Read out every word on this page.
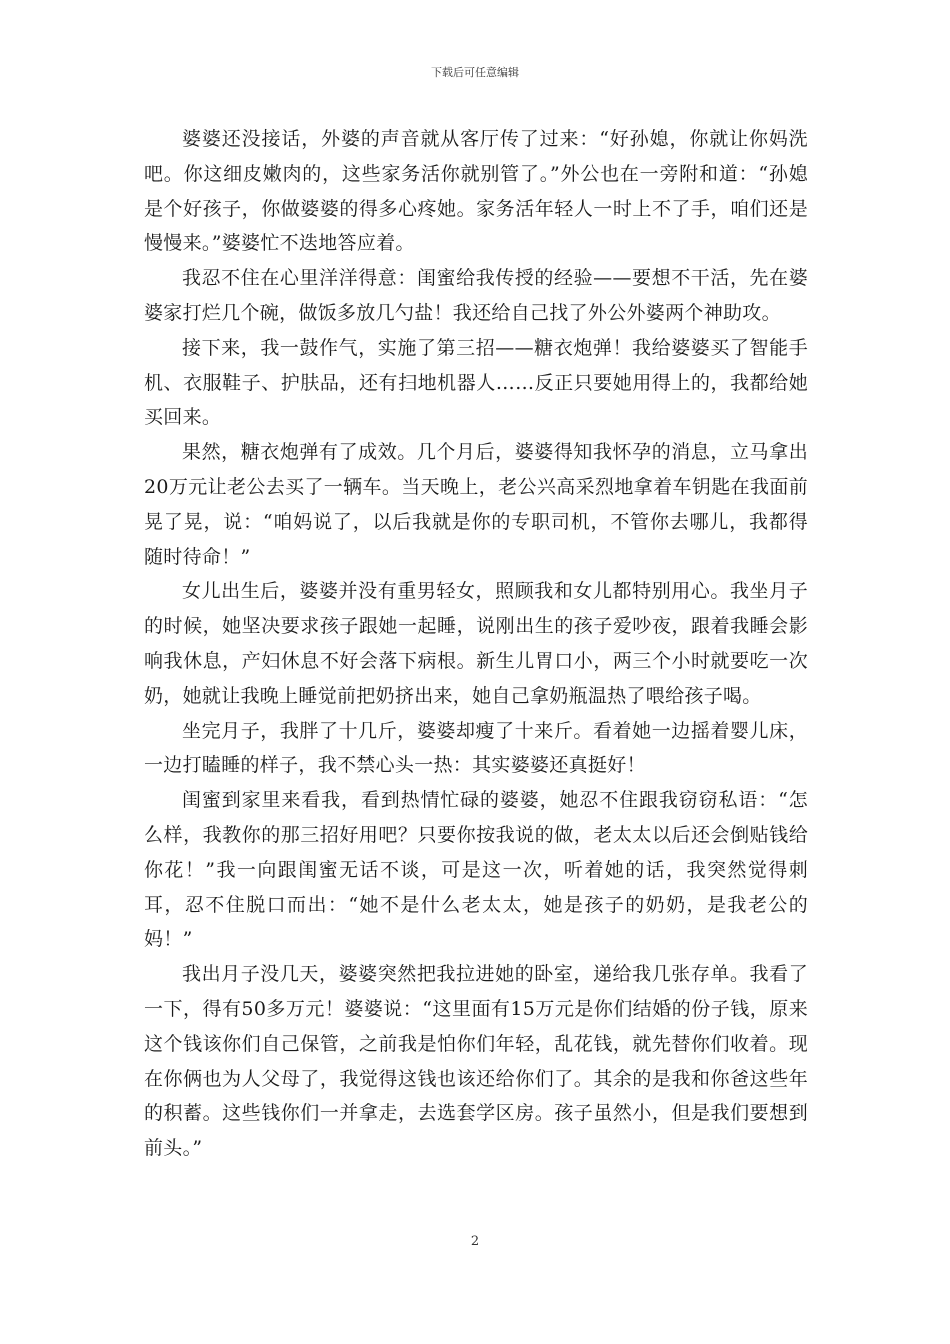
下载后可任意编辑

婆婆还没接话，外婆的声音就从客厅传了过来：“好孙媳，你就让你妈洗吧。你这细皮嫩肉的，这些家务活你就别管了。”外公也在一旁附和道：“孙媳是个好孩子，你做婆婆的得多心疼她。家务活年轻人一时上不了手，咱们还是慢慢来。”婆婆忙不迭地答应着。

我忍不住在心里洋洋得意：闺蜜给我传授的经验——要想不干活，先在婆婆家打烂几个碗，做饭多放几勺盐！我还给自己找了外公外婆两个神助攻。

接下来，我一鼓作气，实施了第三招——糖衣炮弹！我给婆婆买了智能手机、衣服鞋子、护肤品，还有扫地机器人……反正只要她用得上的，我都给她买回来。

果然，糖衣炮弹有了成效。几个月后，婆婆得知我怀孕的消息，立马拿出20万元让老公去买了一辆车。当天晚上，老公兴高采烈地拿着车钥匙在我面前晃了晃，说：“咱妈说了，以后我就是你的专职司机，不管你去哪儿，我都得随时待命！”

女儿出生后，婆婆并没有重男轻女，照顾我和女儿都特别用心。我坐月子的时候，她坚决要求孩子跟她一起睡，说刚出生的孩子爱吵夜，跟着我睡会影响我休息，产妇休息不好会落下病根。新生儿胃口小，两三个小时就要吃一次奶，她就让我晚上睡觉前把奶挤出来，她自己拿奶瓶温热了喂给孩子喝。

坐完月子，我胖了十几斤，婆婆却瘦了十来斤。看着她一边摇着婴儿床，一边打瞌睡的样子，我不禁心头一热：其实婆婆还真挺好！

闺蜜到家里来看我，看到热情忙碌的婆婆，她忍不住跟我窃窃私语：“怎么样，我教你的那三招好用吧？只要你按我说的做，老太太以后还会倒贴钱给你花！”我一向跟闺蜜无话不谈，可是这一次，听着她的话，我突然觉得刺耳，忍不住脱口而出：“她不是什么老太太，她是孩子的奶奶，是我老公的妈！”

我出月子没几天，婆婆突然把我拉进她的卧室，递给我几张存单。我看了一下，得有50多万元！婆婆说：“这里面有15万元是你们结婚的份子钱，原来这个钱该你们自己保管，之前我是怕你们年轻，乱花钱，就先替你们收着。现在你俩也为人父母了，我觉得这钱也该还给你们了。其余的是我和你爸这些年的积蓄。这些钱你们一并拿走，去选套学区房。孩子虽然小，但是我们要想到前头。”

2
